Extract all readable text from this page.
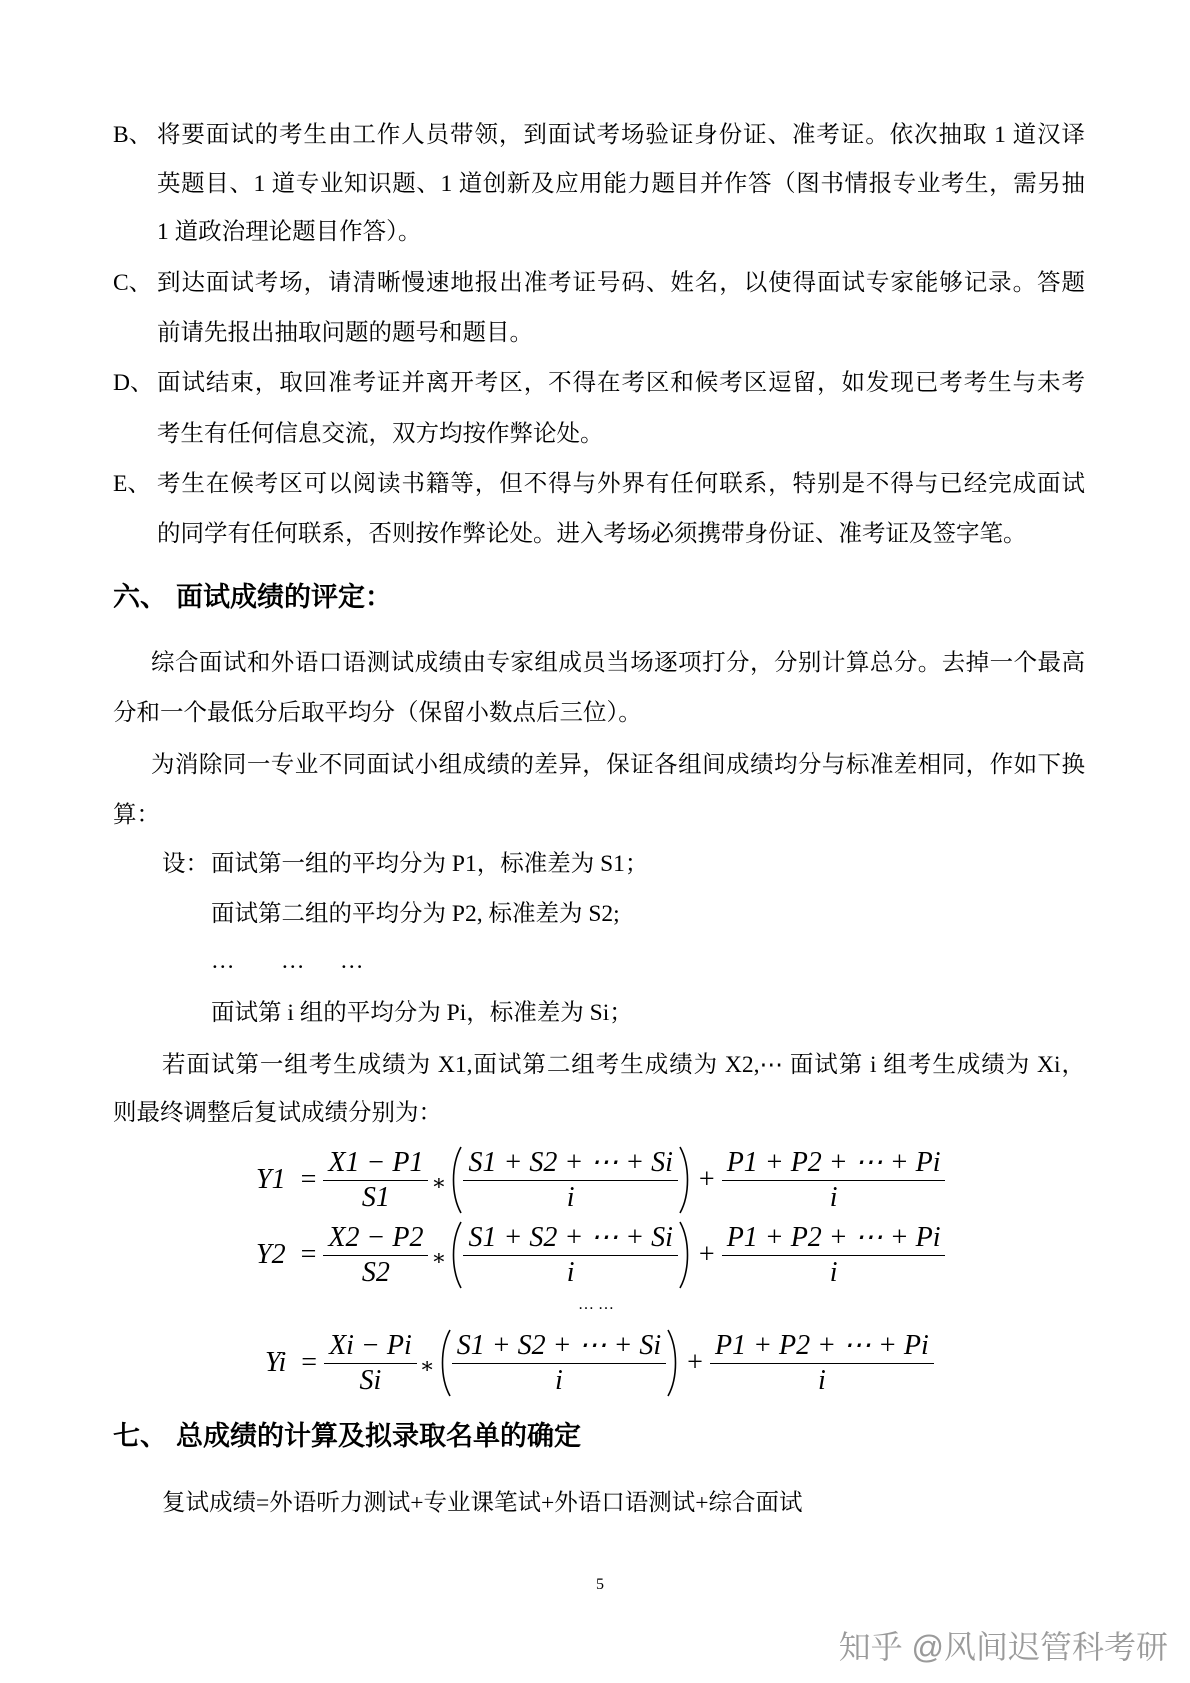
B、 将要面试的考生由工作人员带领，到面试考场验证身份证、准考证。依次抽取 1 道汉译
英题目、1 道专业知识题、1 道创新及应用能力题目并作答（图书情报专业考生，需另抽
1 道政治理论题目作答）。
C、 到达面试考场，请清晰慢速地报出准考证号码、姓名，以使得面试专家能够记录。答题
前请先报出抽取问题的题号和题目。
D、 面试结束，取回准考证并离开考区，不得在考区和候考区逗留，如发现已考考生与未考
考生有任何信息交流，双方均按作弊论处。
E、 考生在候考区可以阅读书籍等，但不得与外界有任何联系，特别是不得与已经完成面试
的同学有任何联系，否则按作弊论处。进入考场必须携带身份证、准考证及签字笔。
六、 面试成绩的评定：
综合面试和外语口语测试成绩由专家组成员当场逐项打分，分别计算总分。去掉一个最高
分和一个最低分后取平均分（保留小数点后三位）。
为消除同一专业不同面试小组成绩的差异，保证各组间成绩均分与标准差相同，作如下换
算：
设： 面试第一组的平均分为 P1，标准差为 S1；
面试第二组的平均分为 P2, 标准差为 S2;
… … …
面试第 i 组的平均分为 Pi，标准差为 Si；
若面试第一组考生成绩为 X1,面试第二组考生成绩为 X2,⋯ 面试第 i 组考生成绩为 Xi，
则最终调整后复试成绩分别为：
$Y1 = \frac{X1 - P1}{S1}$ ∗ $\frac{S1 + S2 + \cdots + Si}{i} + \frac{P1 + P2 + \cdots + Pi}{i}$
$Y2 = \frac{X2 - P2}{S2}$ ∗ $\frac{S1 + S2 + \cdots + Si}{i} + \frac{P1 + P2 + \cdots + Pi}{i}$
… …
$Yi = \frac{Xi - Pi}{Si}$ ∗ $\frac{S1 + S2 + \cdots + Si}{i} + \frac{P1 + P2 + \cdots + Pi}{i}$
七、 总成绩的计算及拟录取名单的确定
复试成绩=外语听力测试+专业课笔试+外语口语测试+综合面试
5
知乎 @风间迟管科考研
